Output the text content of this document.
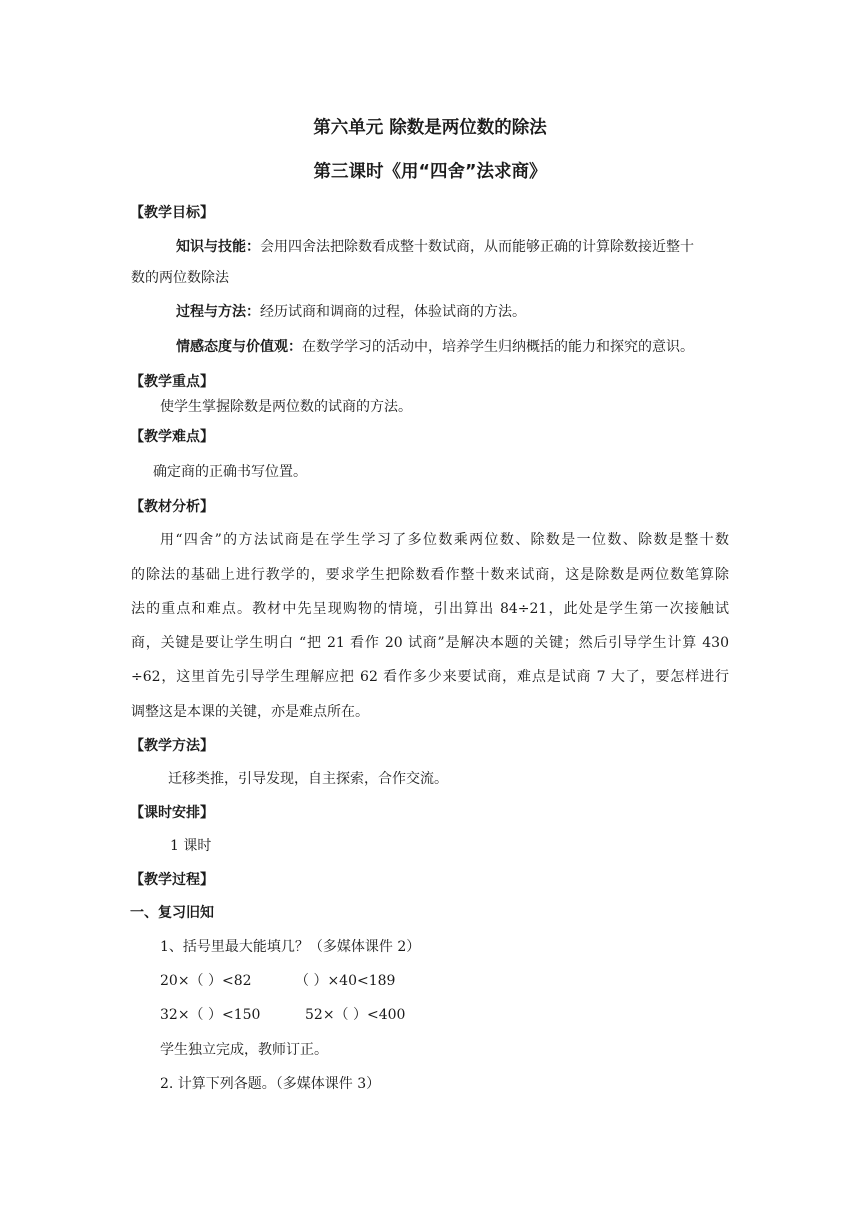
第六单元 除数是两位数的除法
第三课时《用“四舍”法求商》
【教学目标】
知识与技能：会用四舍法把除数看成整十数试商，从而能够正确的计算除数接近整十
数的两位数除法
过程与方法：经历试商和调商的过程，体验试商的方法。
情感态度与价值观：在数学学习的活动中，培养学生归纳概括的能力和探究的意识。
【教学重点】
使学生掌握除数是两位数的试商的方法。
【教学难点】
确定商的正确书写位置。
【教材分析】
用“四舍”的方法试商是在学生学习了多位数乘两位数、除数是一位数、除数是整十数
的除法的基础上进行教学的，要求学生把除数看作整十数来试商，这是除数是两位数笔算除
法的重点和难点。教材中先呈现购物的情境，引出算出 84÷21，此处是学生第一次接触试
商，关键是要让学生明白 “把 21 看作 20 试商”是解决本题的关键；然后引导学生计算 430
÷62，这里首先引导学生理解应把 62 看作多少来要试商，难点是试商 7 大了，要怎样进行
调整这是本课的关键，亦是难点所在。
【教学方法】
迁移类推，引导发现，自主探索，合作交流。
【课时安排】
1 课时
【教学过程】
一、复习旧知
1、括号里最大能填几？（多媒体课件 2）
20×（ ）<82	（ ）×40<189
32×（ ）<150	52×（ ）<400
学生独立完成，教师订正。
2. 计算下列各题。（多媒体课件 3）
